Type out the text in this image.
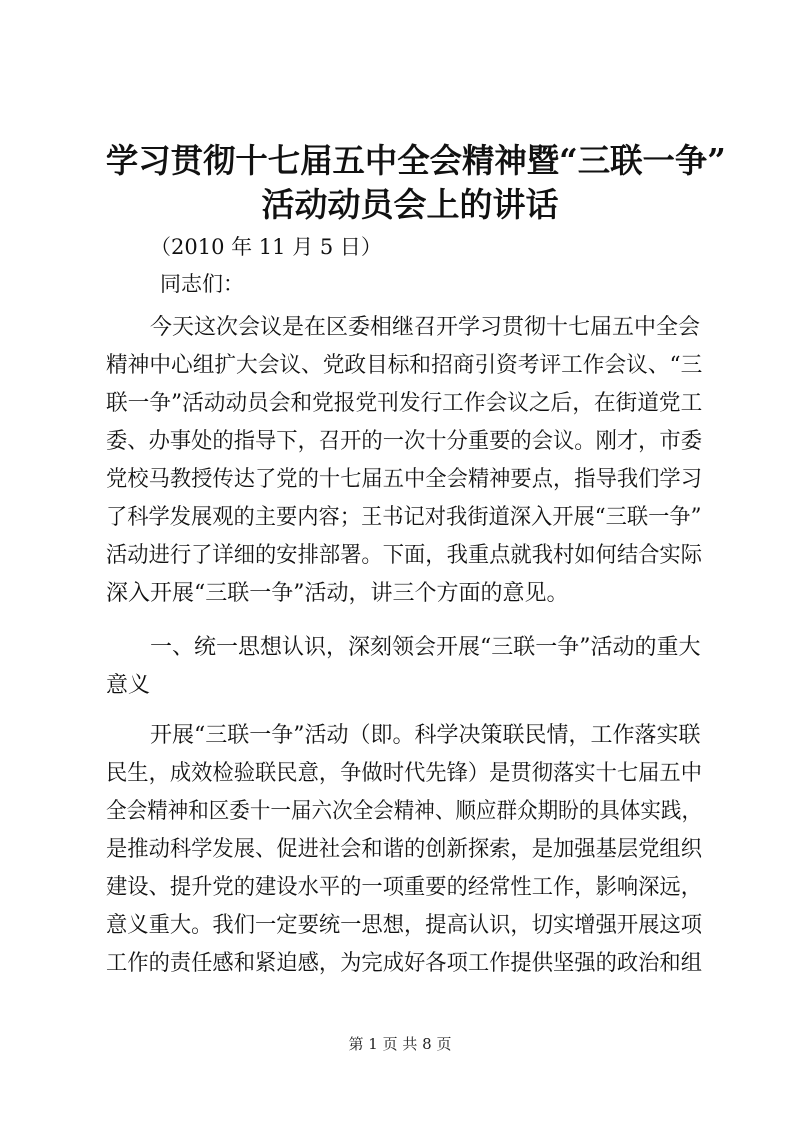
学习贯彻十七届五中全会精神暨“三联一争”
活动动员会上的讲话

（2010 年 11 月 5 日）

同志们：

今天这次会议是在区委相继召开学习贯彻十七届五中全会

精神中心组扩大会议、党政目标和招商引资考评工作会议、“三

联一争”活动动员会和党报党刊发行工作会议之后，在街道党工

委、办事处的指导下，召开的一次十分重要的会议。刚才，市委

党校马教授传达了党的十七届五中全会精神要点，指导我们学习

了科学发展观的主要内容；王书记对我街道深入开展“三联一争”

活动进行了详细的安排部署。下面，我重点就我村如何结合实际

深入开展“三联一争”活动，讲三个方面的意见。

一、统一思想认识，深刻领会开展“三联一争”活动的重大

意义

开展“三联一争”活动（即。科学决策联民情，工作落实联

民生，成效检验联民意，争做时代先锋）是贯彻落实十七届五中

全会精神和区委十一届六次全会精神、顺应群众期盼的具体实践，

是推动科学发展、促进社会和谐的创新探索，是加强基层党组织

建设、提升党的建设水平的一项重要的经常性工作，影响深远，

意义重大。我们一定要统一思想，提高认识，切实增强开展这项

工作的责任感和紧迫感，为完成好各项工作提供坚强的政治和组

第 1 页 共 8 页
